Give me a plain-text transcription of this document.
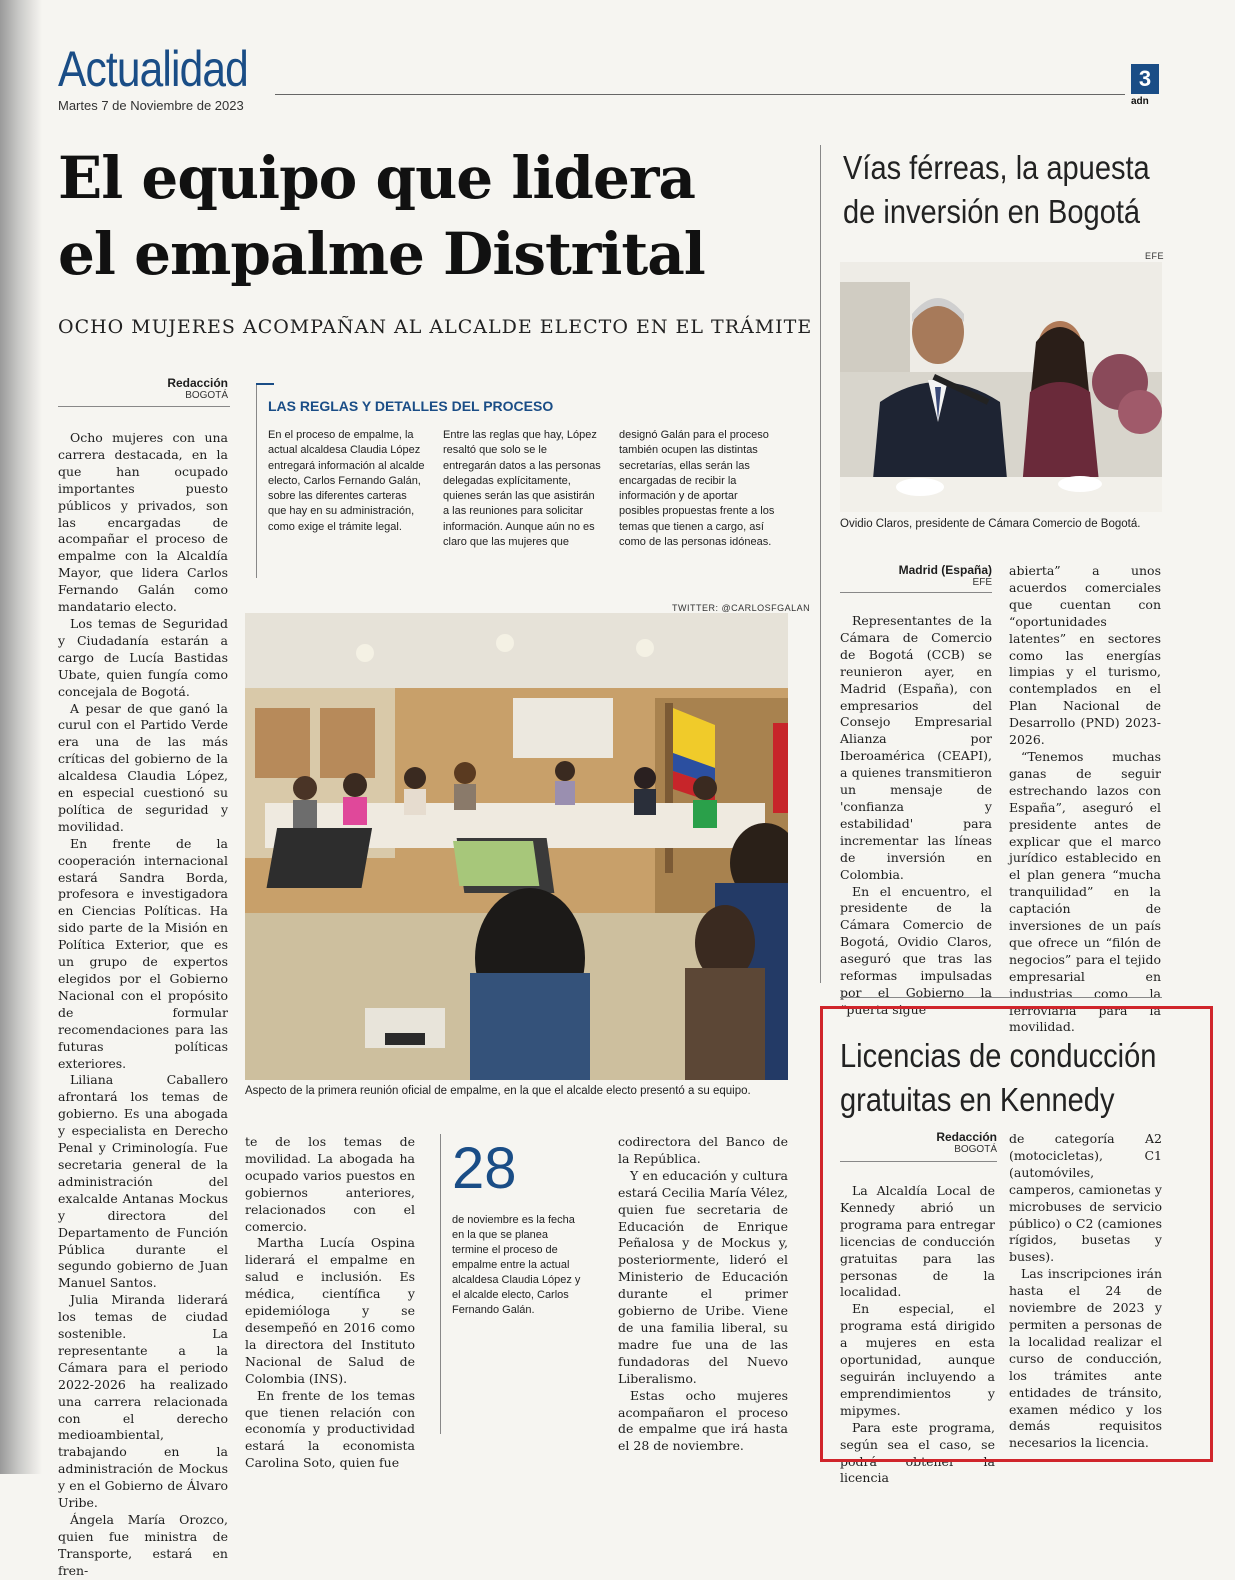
Actualidad
Martes 7 de Noviembre de 2023
3
adn
El equipo que lidera
el empalme Distrital
OCHO MUJERES ACOMPAÑAN AL ALCALDE ELECTO EN EL TRÁMITE
Redacción
BOGOTÁ

Ocho mujeres con una carrera destacada, en la que han ocupado importantes puesto públicos y privados, son las encargadas de acompañar el proceso de empalme con la Alcaldía Mayor, que lidera Carlos Fernando Galán como mandatario electo.

Los temas de Seguridad y Ciudadanía estarán a cargo de Lucía Bastidas Ubate, quien fungía como concejala de Bogotá.

A pesar de que ganó la curul con el Partido Verde era una de las más críticas del gobierno de la alcaldesa Claudia López, en especial cuestionó su política de seguridad y movilidad.

En frente de la cooperación internacional estará Sandra Borda, profesora e investigadora en Ciencias Políticas. Ha sido parte de la Misión en Política Exterior, que es un grupo de expertos elegidos por el Gobierno Nacional con el propósito de formular recomendaciones para las futuras políticas exteriores.

Liliana Caballero afrontará los temas de gobierno. Es una abogada y especialista en Derecho Penal y Criminología. Fue secretaria general de la administración del exalcalde Antanas Mockus y directora del Departamento de Función Pública durante el segundo gobierno de Juan Manuel Santos.

Julia Miranda liderará los temas de ciudad sostenible. La representante a la Cámara para el periodo 2022-2026 ha realizado una carrera relacionada con el derecho medioambiental, trabajando en la administración de Mockus y en el Gobierno de Álvaro Uribe.

Ángela María Orozco, quien fue ministra de Transporte, estará en fren-

LAS REGLAS Y DETALLES DEL PROCESO
En el proceso de empalme, la actual alcaldesa Claudia López entregará información al alcalde electo, Carlos Fernando Galán, sobre las diferentes carteras que hay en su administración, como exige el trámite legal.
Entre las reglas que hay, López resaltó que solo se le entregarán datos a las personas delegadas explícitamente, quienes serán las que asistirán a las reuniones para solicitar información. Aunque aún no es claro que las mujeres que
designó Galán para el proceso también ocupen las distintas secretarías, ellas serán las encargadas de recibir la información y de aportar posibles propuestas frente a los temas que tienen a cargo, así como de las personas idóneas.
TWITTER: @CARLOSFGALAN
Aspecto de la primera reunión oficial de empalme, en la que el alcalde electo presentó a su equipo.

te de los temas de movilidad. La abogada ha ocupado varios puestos en gobiernos anteriores, relacionados con el comercio.

Martha Lucía Ospina liderará el empalme en salud e inclusión. Es médica, científica y epidemióloga y se desempeñó en 2016 como la directora del Instituto Nacional de Salud de Colombia (INS).

En frente de los temas que tienen relación con economía y productividad estará la economista Carolina Soto, quien fue

28
de noviembre es la fecha en la que se planea termine el proceso de empalme entre la actual alcaldesa Claudia López y el alcalde electo, Carlos Fernando Galán.

codirectora del Banco de la República.

Y en educación y cultura estará Cecilia María Vélez, quien fue secretaria de Educación de Enrique Peñalosa y de Mockus y, posteriormente, lideró el Ministerio de Educación durante el primer gobierno de Uribe. Viene de una familia liberal, su madre fue una de las fundadoras del Nuevo Liberalismo.

Estas ocho mujeres acompañaron el proceso de empalme que irá hasta el 28 de noviembre.

Vías férreas, la apuesta
de inversión en Bogotá
EFE
Ovidio Claros, presidente de Cámara Comercio de Bogotá.
Madrid (España)
EFE

Representantes de la Cámara de Comercio de Bogotá (CCB) se reunieron ayer, en Madrid (España), con empresarios del Consejo Empresarial Alianza por Iberoamérica (CEAPI), a quienes transmitieron un mensaje de 'confianza y estabilidad' para incrementar las líneas de inversión en Colombia.

En el encuentro, el presidente de la Cámara Comercio de Bogotá, Ovidio Claros, aseguró que tras las reformas impulsadas por el Gobierno la “puerta sigue

abierta” a unos acuerdos comerciales que cuentan con “oportunidades latentes” en sectores como las energías limpias y el turismo, contemplados en el Plan Nacional de Desarrollo (PND) 2023-2026.

“Tenemos muchas ganas de seguir estrechando lazos con España”, aseguró el presidente antes de explicar que el marco jurídico establecido en el plan genera “mucha tranquilidad” en la captación de inversiones de un país que ofrece un “filón de negocios” para el tejido empresarial en industrias como la ferroviaria para la movilidad.

Licencias de conducción
gratuitas en Kennedy
Redacción
BOGOTÁ

La Alcaldía Local de Kennedy abrió un programa para entregar licencias de conducción gratuitas para las personas de la localidad.

En especial, el programa está dirigido a mujeres en esta oportunidad, aunque seguirán incluyendo a emprendimientos y mipymes.

Para este programa, según sea el caso, se podrá obtener la licencia

de categoría A2 (motocicletas), C1 (automóviles, camperos, camionetas y microbuses de servicio público) o C2 (camiones rígidos, busetas y buses).

Las inscripciones irán hasta el 24 de noviembre de 2023 y permiten a personas de la localidad realizar el curso de conducción, los trámites ante entidades de tránsito, examen médico y los demás requisitos necesarios la licencia.
